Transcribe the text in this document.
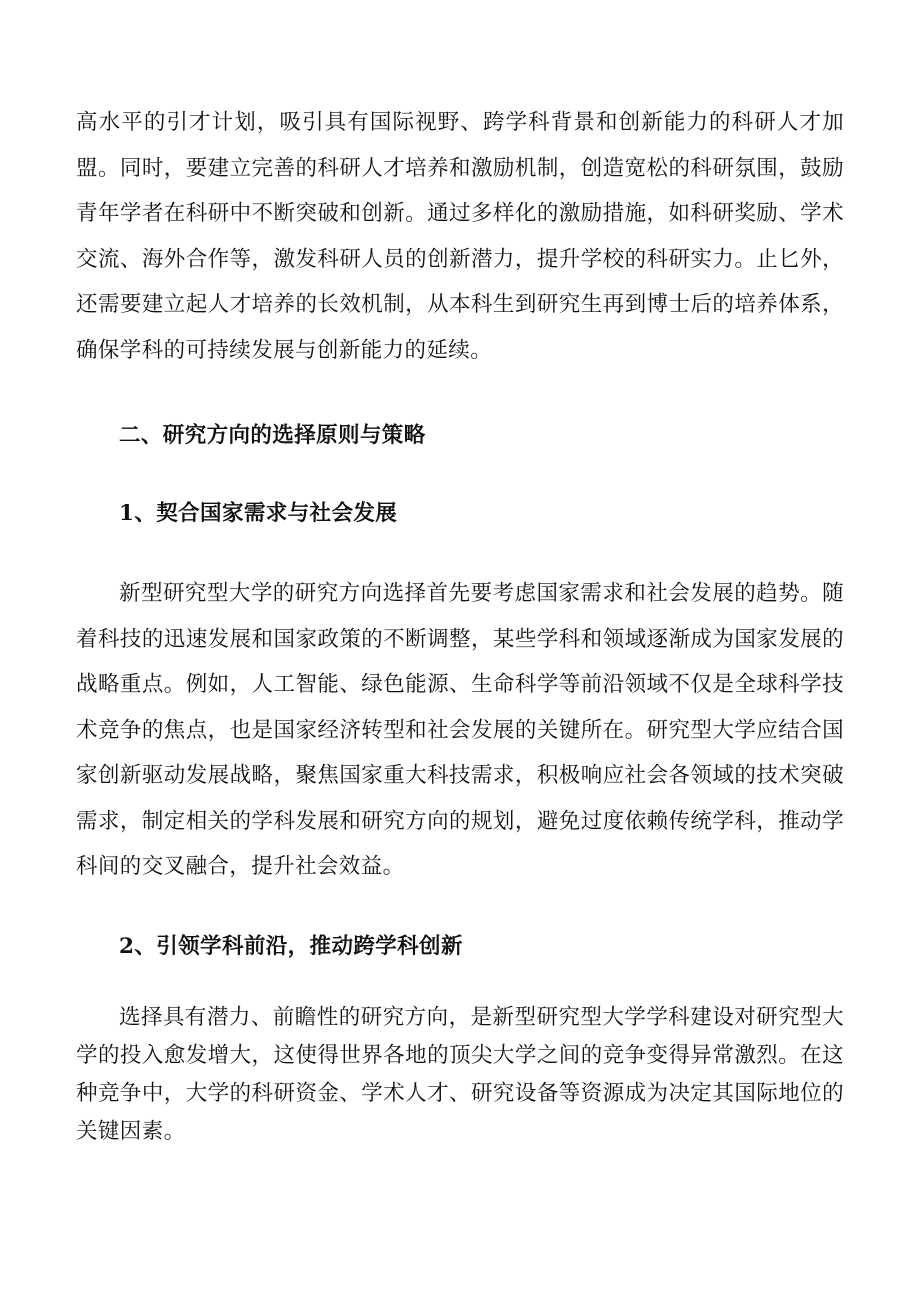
高水平的引才计划，吸引具有国际视野、跨学科背景和创新能力的科研人才加盟。同时，要建立完善的科研人才培养和激励机制，创造宽松的科研氛围，鼓励青年学者在科研中不断突破和创新。通过多样化的激励措施，如科研奖励、学术交流、海外合作等，激发科研人员的创新潜力，提升学校的科研实力。止匕外，还需要建立起人才培养的长效机制，从本科生到研究生再到博士后的培养体系，确保学科的可持续发展与创新能力的延续。

二、研究方向的选择原则与策略
1、契合国家需求与社会发展

新型研究型大学的研究方向选择首先要考虑国家需求和社会发展的趋势。随着科技的迅速发展和国家政策的不断调整，某些学科和领域逐渐成为国家发展的战略重点。例如，人工智能、绿色能源、生命科学等前沿领域不仅是全球科学技术竞争的焦点，也是国家经济转型和社会发展的关键所在。研究型大学应结合国家创新驱动发展战略，聚焦国家重大科技需求，积极响应社会各领域的技术突破需求，制定相关的学科发展和研究方向的规划，避免过度依赖传统学科，推动学科间的交叉融合，提升社会效益。

2、引领学科前沿，推动跨学科创新

选择具有潜力、前瞻性的研究方向，是新型研究型大学学科建设对研究型大学的投入愈发增大，这使得世界各地的顶尖大学之间的竞争变得异常激烈。在这种竞争中，大学的科研资金、学术人才、研究设备等资源成为决定其国际地位的关键因素。
